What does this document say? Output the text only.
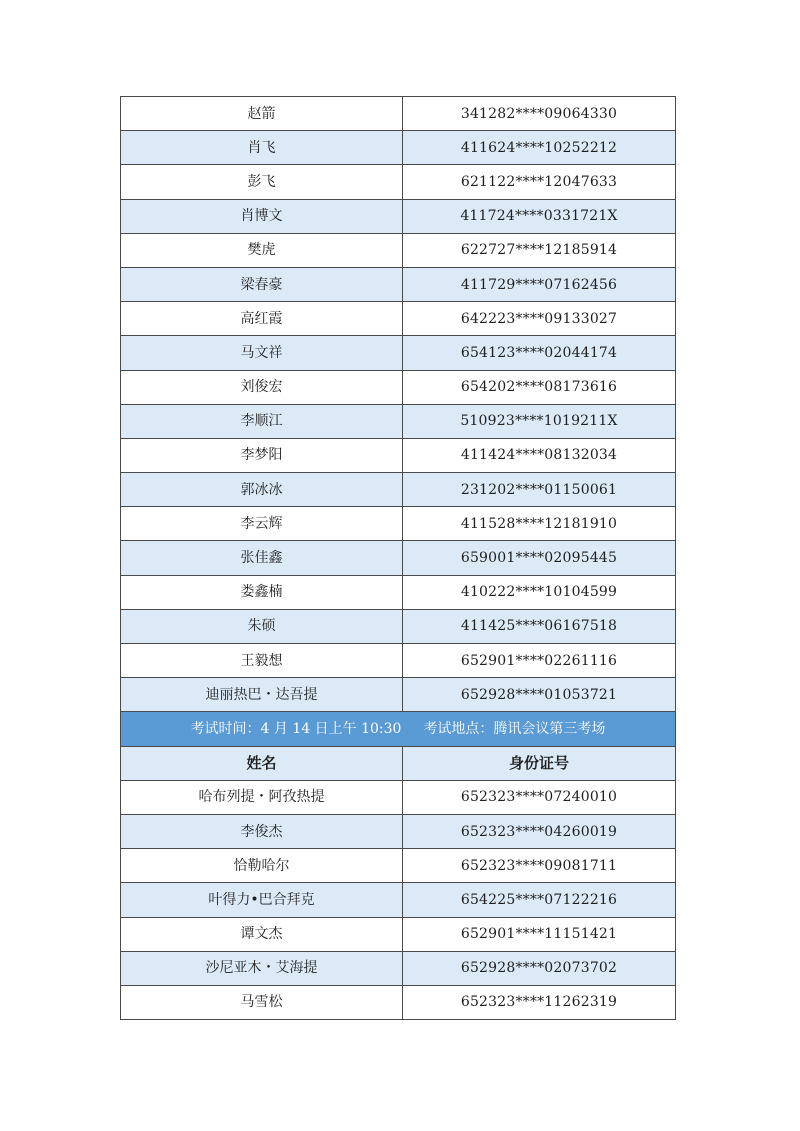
赵箭	341282****09064330
肖飞	411624****10252212
彭飞	621122****12047633
肖博文	411724****0331721X
樊虎	622727****12185914
梁春豪	411729****07162456
高红霞	642223****09133027
马文祥	654123****02044174
刘俊宏	654202****08173616
李顺江	510923****1019211X
李梦阳	411424****08132034
郭冰冰	231202****01150061
李云辉	411528****12181910
张佳鑫	659001****02095445
娄鑫楠	410222****10104599
朱硕	411425****06167518
王毅想	652901****02261116
迪丽热巴・达吾提	652928****01053721
考试时间：4 月 14 日上午 10:30 考试地点：腾讯会议第三考场	
姓名	身份证号
哈布列提・阿孜热提	652323****07240010
李俊杰	652323****04260019
恰勒哈尔	652323****09081711
叶得力•巴合拜克	654225****07122216
谭文杰	652901****11151421
沙尼亚木・艾海提	652928****02073702
马雪松	652323****11262319
